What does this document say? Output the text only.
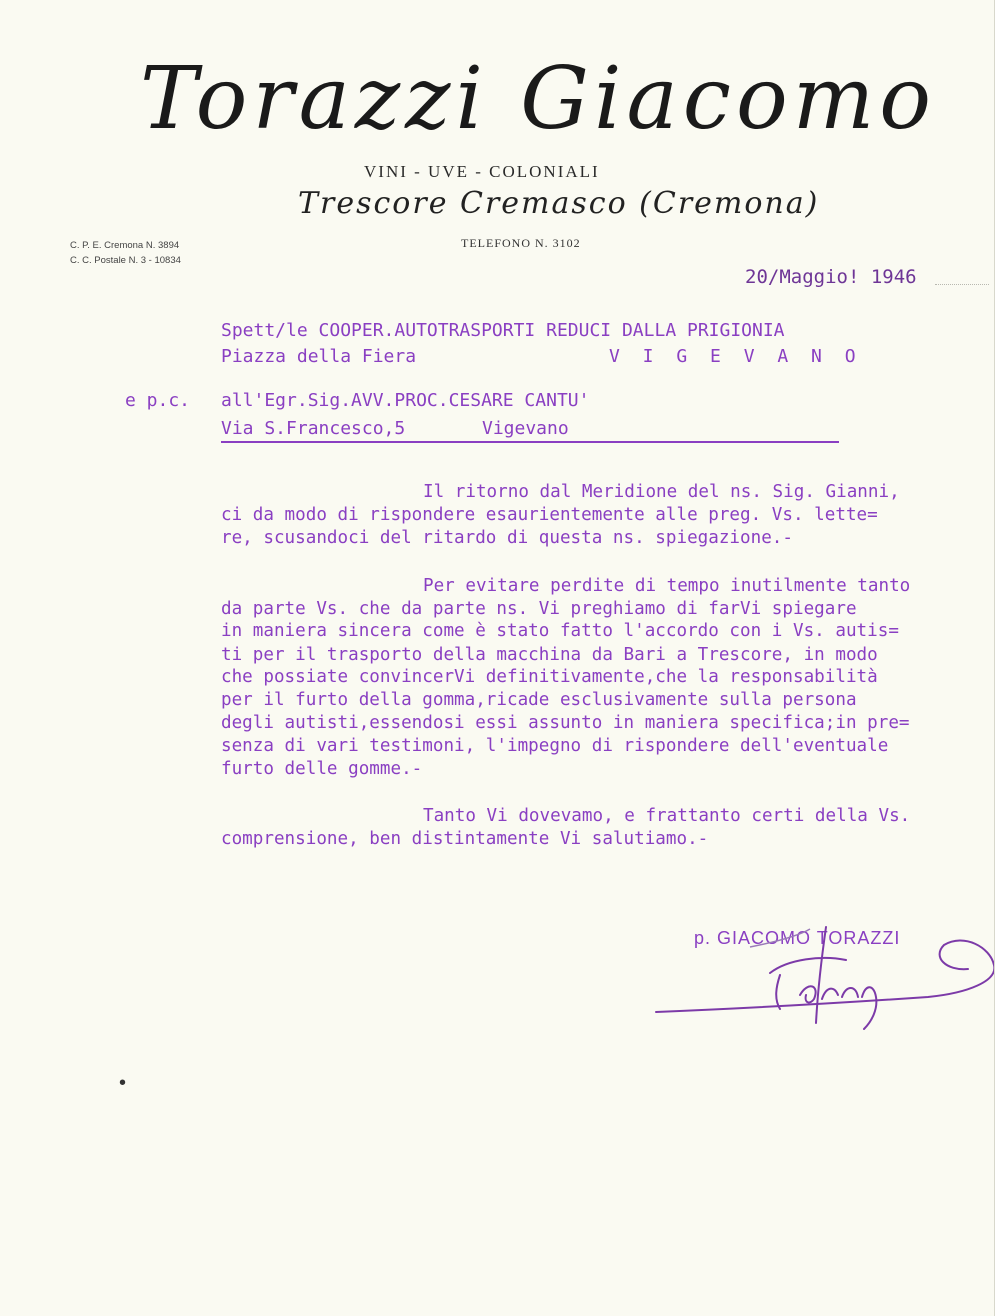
Torazzi Giacomo
VINI - UVE - COLONIALI
Trescore Cremasco (Cremona)
TELEFONO N. 3102
C. P. E. Cremona N. 3894
C. C. Postale N. 3 - 10834
20/Maggio! 1946
Spett/le COOPER.AUTOTRASPORTI REDUCI DALLA PRIGIONIA
Piazza della Fiera	V I G E V A N O
e p.c. all'Egr.Sig.AVV.PROC.CESARE CANTU'
Via S.Francesco,5	Vigevano
Il ritorno dal Meridione del ns. Sig. Gianni,
ci da modo di rispondere esaurientemente alle preg. Vs. lette=
re, scusandoci del ritardo di questa ns. spiegazione.-
Per evitare perdite di tempo inutilmente tanto
da parte Vs. che da parte ns. Vi preghiamo di farVi spiegare
in maniera sincera come è stato fatto l'accordo con i Vs. autis=
ti per il trasporto della macchina da Bari a Trescore, in modo
che possiate convincerVi definitivamente,che la responsabilità
per il furto della gomma,ricade esclusivamente sulla persona
degli autisti,essendosi essi assunto in maniera specifica;in pre=
senza di vari testimoni, l'impegno di rispondere dell'eventuale
furto delle gomme.-
Tanto Vi dovevamo, e frattanto certi della Vs.
comprensione, ben distintamente Vi salutiamo.-
p. GIACOMO TORAZZI
•
